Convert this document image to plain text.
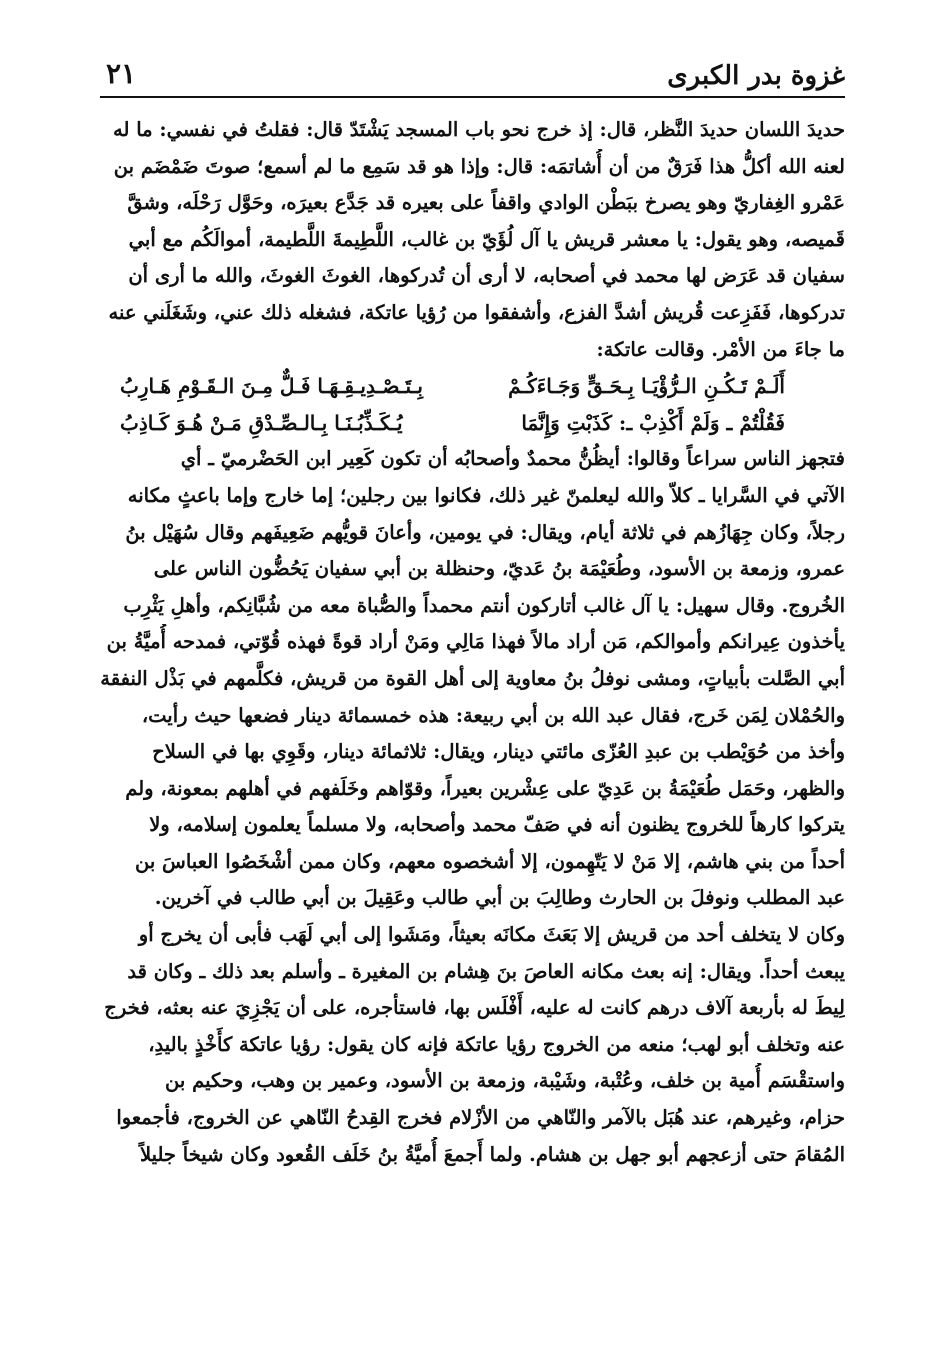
غزوة بدر الكبرى
٢١
حديدَ اللسان حديدَ النَّظر، قال: إذ خرج نحو باب المسجد يَشْتَدّ قال: فقلتُ في نفسي: ما له
لعنه الله أكلُّ هذا فَرَقٌ من أن أُشاتمَه: قال: وإذا هو قد سَمِع ما لم أسمع؛ صوتَ ضَمْضَم بن
عَمْرو الغِفاريّ وهو يصرخ ببَطْن الوادي واقفاً على بعيره قد جَدَّع بعيرَه، وحَوَّل رَحْلَه، وشقَّ
قَميصه، وهو يقول: يا معشر قريش يا آل لُؤَيّ بن غالب، اللَّطِيمةَ اللَّطيمة، أموالَكُم مع أبي
سفيان قد عَرَض لها محمد في أصحابه، لا أرى أن تُدركوها، الغوثَ الغوثَ، والله ما أرى أن
تدركوها، فَفَزِعت قُريش أشدَّ الفزع، وأشفقوا من رُؤيا عاتكة، فشغله ذلك عني، وشَغَلَني عنه
ما جاءَ من الأمْر. وقالت عاتكة:
أَلَـمْ تَـكُـنِ الـرُّؤْيَـا بِـحَـقٍّ وَجَـاءَكُـمْ
بِـتَـصْـدِيـقِـهَـا فَـلٌّ مِـنَ الـقَـوْمِ هَـارِبُ
فَقُلْتُمْ ـ وَلَمْ أَكْذِبْ ـ: كَذَبْتِ وَإِنَّمَا
يُـكَـذِّبُـنَـا بِـالـصِّـدْقِ مَـنْ هُـوَ كَـاذِبُ
فتجهز الناس سراعاً وقالوا: أيظُنُّ محمدٌ وأصحابُه أن تكون كَعِير ابن الحَضْرميّ ـ أي
الآتي في السَّرايا ـ كلاّ والله ليعلمنّ غير ذلك، فكانوا بين رجلين؛ إما خارج وإما باعثٍ مكانه
رجلاً، وكان جِهَازُهم في ثلاثة أيام، ويقال: في يومين، وأعانَ قويُّهم ضَعِيفَهم وقال سُهَيْل بنُ
عمرو، وزمعة بن الأسود، وطُعَيْمَة بنُ عَديّ، وحنظلة بن أبي سفيان يَحُضُّون الناس على
الخُروج. وقال سهيل: يا آل غالب أتاركون أنتم محمداً والصُّباة معه من شُبَّانِكم، وأهلِ يَثْرِب
يأخذون عِيرانكم وأموالكم، مَن أراد مالاً فهذا مَالِي ومَنْ أراد قوةً فهذه قُوّتي، فمدحه أُميَّةُ بن
أبي الصَّلت بأبياتٍ، ومشى نوفلُ بنُ معاوية إلى أهل القوة من قريش، فكلَّمهم في بَذْل النفقة
والحُمْلان لِمَن خَرج، فقال عبد الله بن أبي ربيعة: هذه خمسمائة دينار فضعها حيث رأيت،
وأخذ من حُوَيْطب بن عبدِ العُزّى مائتي دينار، ويقال: ثلاثمائة دينار، وقَوِي بها في السلاح
والظهر، وحَمَل طُعَيْمَةُ بن عَدِيّ على عِشْرين بعيراً، وقوّاهم وخَلَفهم في أهلهم بمعونة، ولم
يتركوا كارهاً للخروج يظنون أنه في صَفّ محمد وأصحابه، ولا مسلماً يعلمون إسلامه، ولا
أحداً من بني هاشم، إلا مَنْ لا يَتّهِمون، إلا أشخصوه معهم، وكان ممن أشْخَصُوا العباسَ بن
عبد المطلب ونوفلَ بن الحارث وطالِبَ بن أبي طالب وعَقِيلَ بن أبي طالب في آخرين.
وكان لا يتخلف أحد من قريش إلا بَعَثَ مكانَه بعيثاً، ومَشَوا إلى أبي لَهَب فأبى أن يخرج أو
يبعث أحداً. ويقال: إنه بعث مكانه العاصَ بنَ هِشام بن المغيرة ـ وأسلم بعد ذلك ـ وكان قد
لِيطَ له بأربعة آلاف درهم كانت له عليه، أَفْلَس بها، فاستأجره، على أن يَجْزِيَ عنه بعثه، فخرج
عنه وتخلف أبو لهب؛ منعه من الخروج رؤيا عاتكة فإنه كان يقول: رؤيا عاتكة كأَخْذٍ باليدِ،
واستقْسَم أُمية بن خلف، وعُتْبة، وشَيْبة، وزمعة بن الأسود، وعمير بن وهب، وحكيم بن
حزام، وغيرهم، عند هُبَل بالآمر والنّاهي من الأزْلام فخرج القِدحُ النّاهي عن الخروج، فأجمعوا
المُقامَ حتى أزعجهم أبو جهل بن هشام. ولما أَجمعَ أُميَّةُ بنُ خَلَف القُعود وكان شيخاً جليلاً
